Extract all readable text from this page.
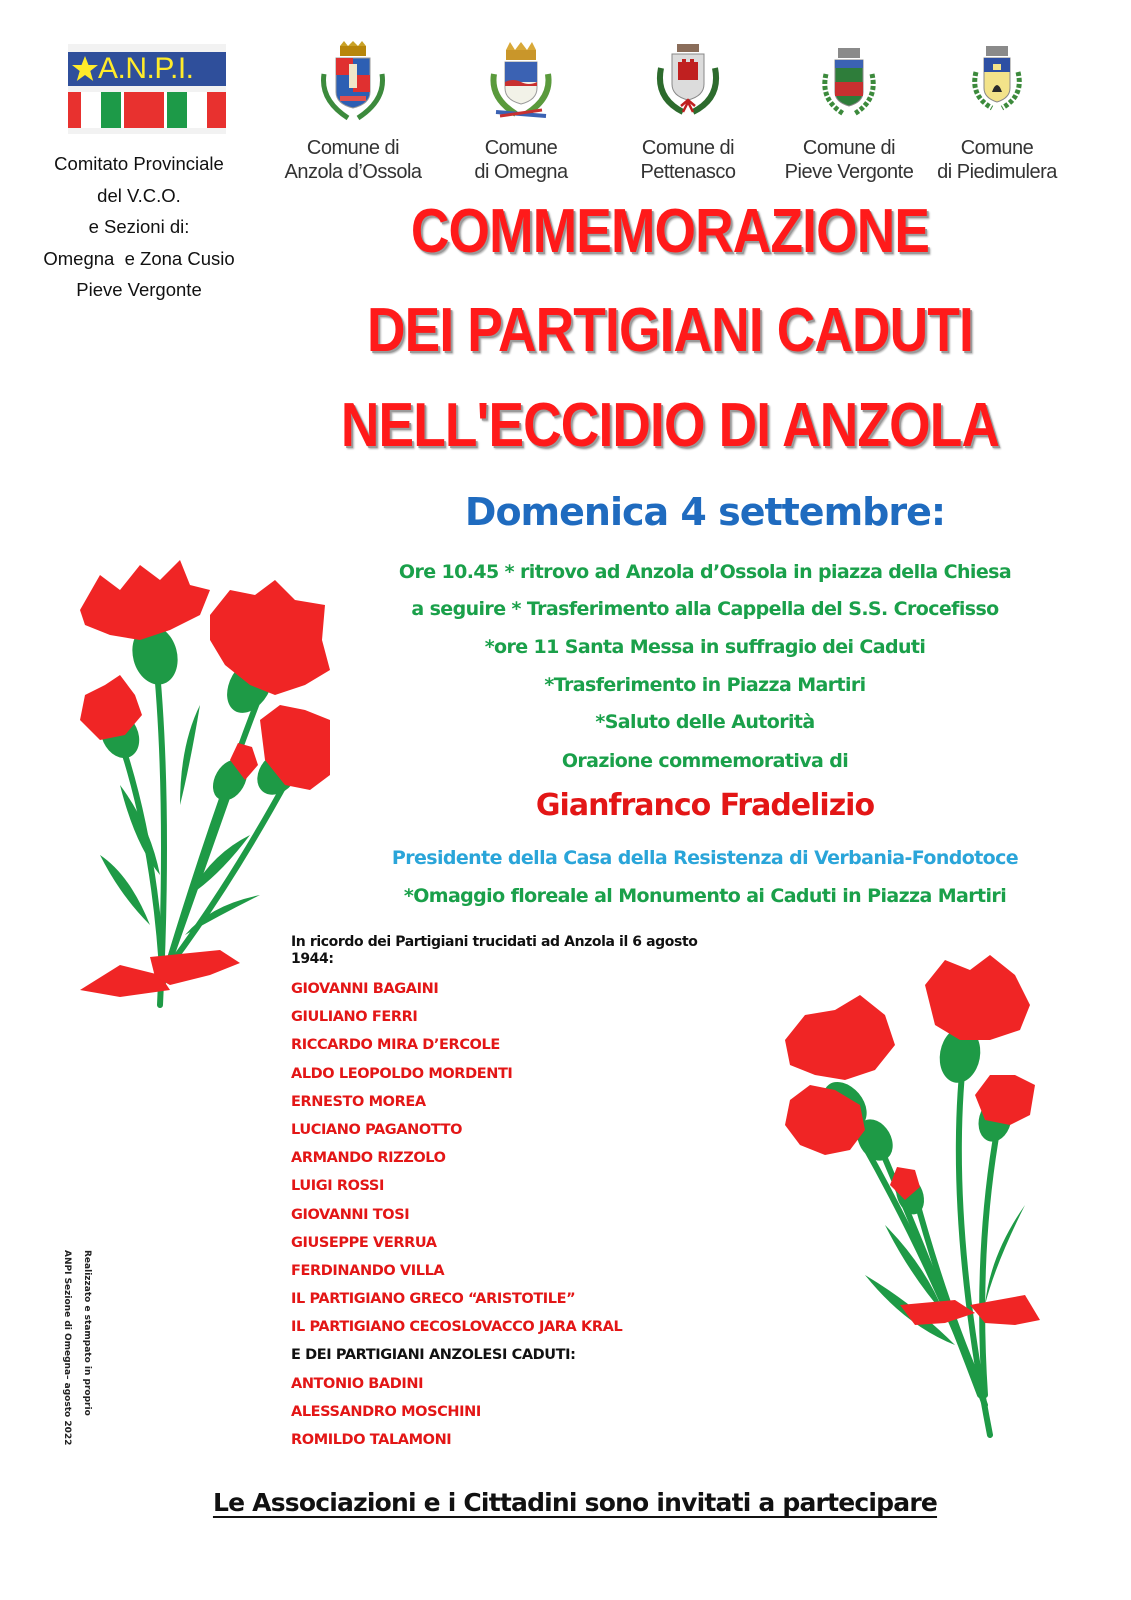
A.N.P.I.
Comitato Provinciale
del V.C.O.
e Sezioni di:
Omegna  e Zona Cusio
Pieve Vergonte
Comune di
Anzola d’Ossola
Comune
di Omegna
Comune di
Pettenasco
Comune di
Pieve Vergonte
Comune
di Piedimulera
COMMEMORAZIONE
DEI PARTIGIANI CADUTI
NELL'ECCIDIO DI ANZOLA
Domenica 4 settembre:
Ore 10.45 * ritrovo ad Anzola d’Ossola in piazza della Chiesa
a seguire * Trasferimento alla Cappella del S.S. Crocefisso
*ore 11 Santa Messa in suffragio dei Caduti
*Trasferimento in Piazza Martiri
*Saluto delle Autorità
Orazione commemorativa di
Gianfranco Fradelizio
Presidente della Casa della Resistenza di Verbania-Fondotoce
*Omaggio floreale al Monumento ai Caduti in Piazza Martiri
In ricordo dei Partigiani trucidati ad Anzola il 6 agosto 1944:
GIOVANNI BAGAINI
GIULIANO FERRI
RICCARDO MIRA D’ERCOLE
ALDO LEOPOLDO MORDENTI
ERNESTO MOREA
LUCIANO PAGANOTTO
ARMANDO RIZZOLO
LUIGI ROSSI
GIOVANNI TOSI
GIUSEPPE VERRUA
FERDINANDO VILLA
IL PARTIGIANO GRECO “ARISTOTILE”
IL PARTIGIANO CECOSLOVACCO JARA KRAL
E DEI PARTIGIANI ANZOLESI CADUTI:
ANTONIO BADINI
ALESSANDRO MOSCHINI
ROMILDO TALAMONI
Realizzato e stampato in proprio
ANPI Sezione di Omegna– agosto 2022
Le Associazioni e i Cittadini sono invitati a partecipare
